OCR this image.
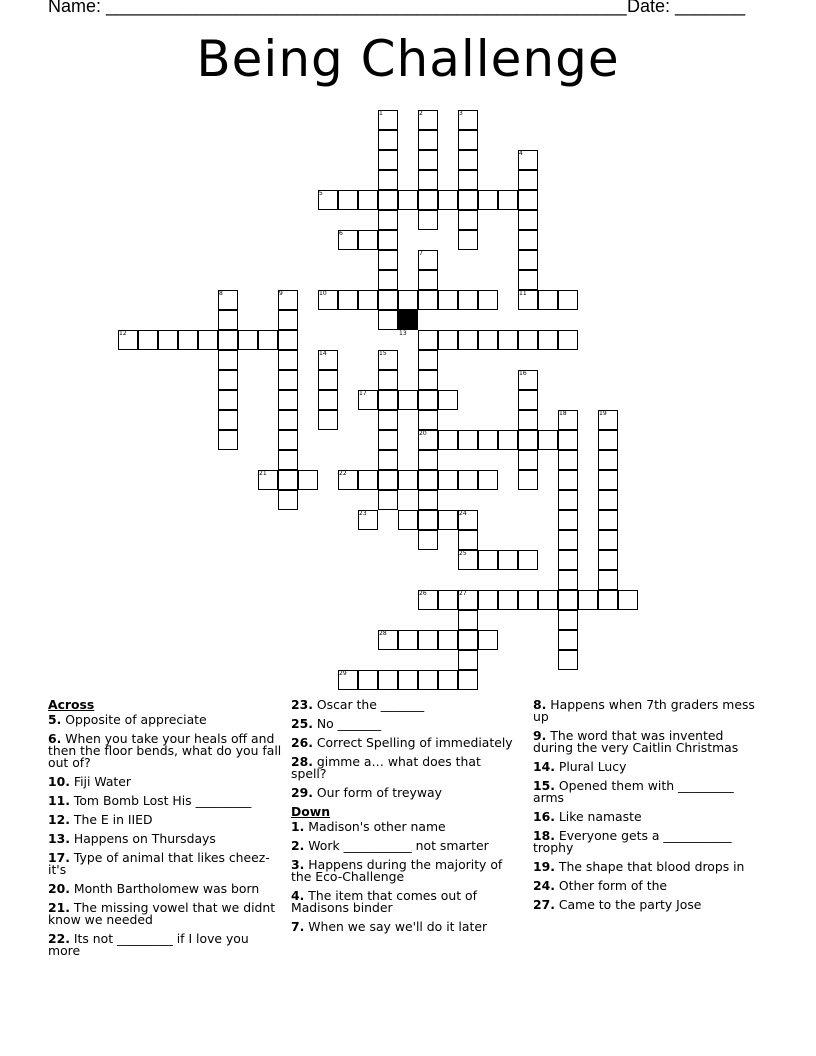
Name: ____________________________________________________ Date: _______
Being Challenge
1	2	3
4
5
6
7
8	9	10	11
12	13
14	15
16
17
18	19
20
21	22
23	24
25
26	27
28
29
Across
5. Opposite of appreciate
6. When you take your heals off and then the floor bends, what do you fall out of?
10. Fiji Water
11. Tom Bomb Lost His _________
12. The E in IIED
13. Happens on Thursdays
17. Type of animal that likes cheez-it's
20. Month Bartholomew was born
21. The missing vowel that we didnt know we needed
22. Its not _________ if I love you more
23. Oscar the _______
25. No _______
26. Correct Spelling of immediately
28. gimme a… what does that spell?
29. Our form of treyway
Down
1. Madison's other name
2. Work ___________ not smarter
3. Happens during the majority of the Eco-Challenge
4. The item that comes out of Madisons binder
7. When we say we'll do it later
8. Happens when 7th graders mess up
9. The word that was invented during the very Caitlin Christmas
14. Plural Lucy
15. Opened them with _________ arms
16. Like namaste
18. Everyone gets a ___________ trophy
19. The shape that blood drops in
24. Other form of the
27. Came to the party Jose
